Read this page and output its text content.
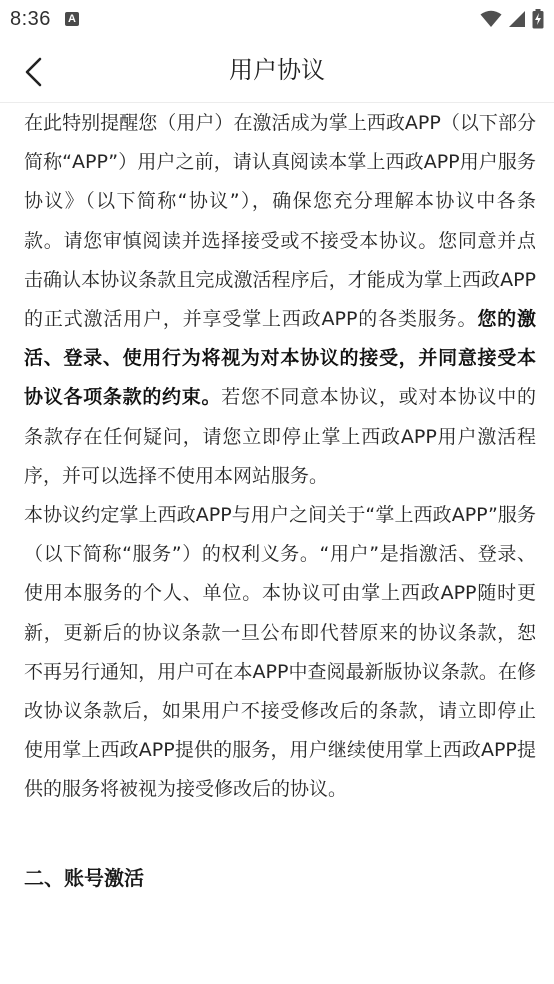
8:36
A
用户协议

在此特别提醒您（用户）在激活成为掌上西政APP（以下部分简称“APP”）用户之前，请认真阅读本掌上西政APP用户服务协议》（以下简称“协议”），确保您充分理解本协议中各条款。请您审慎阅读并选择接受或不接受本协议。您同意并点击确认本协议条款且完成激活程序后，才能成为掌上西政APP的正式激活用户，并享受掌上西政APP的各类服务。您的激活、登录、使用行为将视为对本协议的接受，并同意接受本协议各项条款的约束。若您不同意本协议，或对本协议中的条款存在任何疑问，请您立即停止掌上西政APP用户激活程序，并可以选择不使用本网站服务。

本协议约定掌上西政APP与用户之间关于“掌上西政APP”服务（以下简称“服务”）的权利义务。“用户”是指激活、登录、使用本服务的个人、单位。本协议可由掌上西政APP随时更新，更新后的协议条款一旦公布即代替原来的协议条款，恕不再另行通知，用户可在本APP中查阅最新版协议条款。在修改协议条款后，如果用户不接受修改后的条款，请立即停止使用掌上西政APP提供的服务，用户继续使用掌上西政APP提供的服务将被视为接受修改后的协议。

二、账号激活
